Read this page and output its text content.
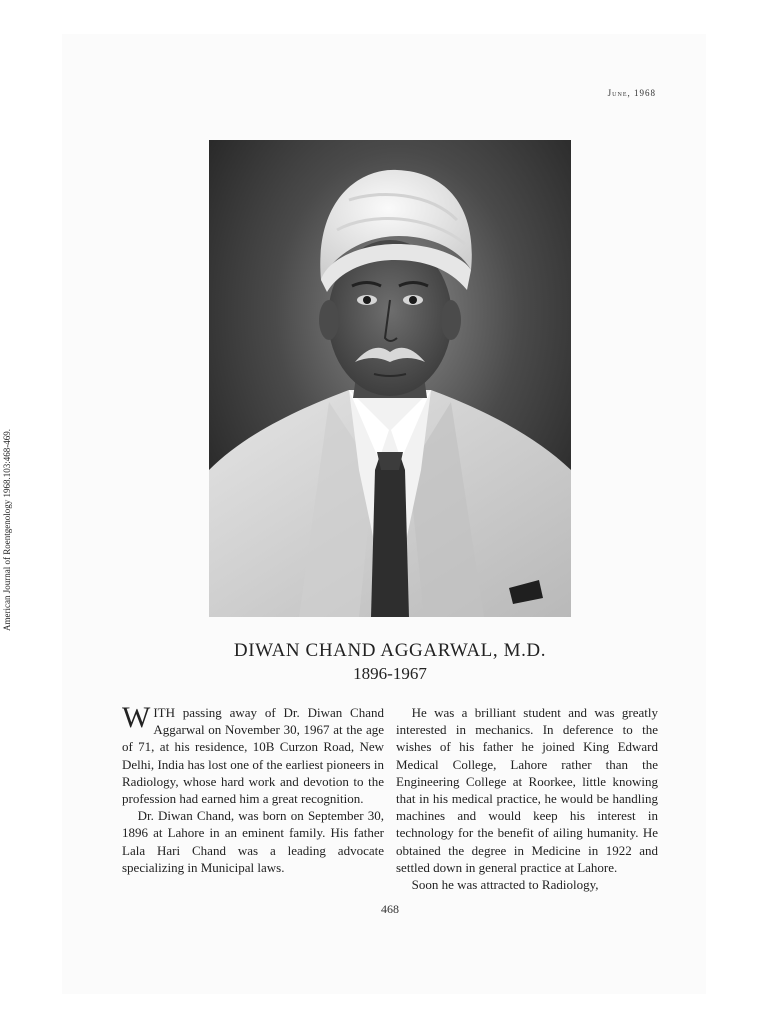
American Journal of Roentgenology 1968.103:468-469.
June, 1968
DIWAN CHAND AGGARWAL, M.D.
1896-1967

WITH passing away of Dr. Diwan Chand Aggarwal on November 30, 1967 at the age of 71, at his residence, 10B Curzon Road, New Delhi, India has lost one of the earliest pioneers in Radiology, whose hard work and devotion to the profession had earned him a great recognition.

Dr. Diwan Chand, was born on September 30, 1896 at Lahore in an eminent family. His father Lala Hari Chand was a leading advocate specializing in Municipal laws.

He was a brilliant student and was greatly interested in mechanics. In deference to the wishes of his father he joined King Edward Medical College, Lahore rather than the Engineering College at Roorkee, little knowing that in his medical practice, he would be handling machines and would keep his interest in technology for the benefit of ailing humanity. He obtained the degree in Medicine in 1922 and settled down in general practice at Lahore.

Soon he was attracted to Radiology,

468
